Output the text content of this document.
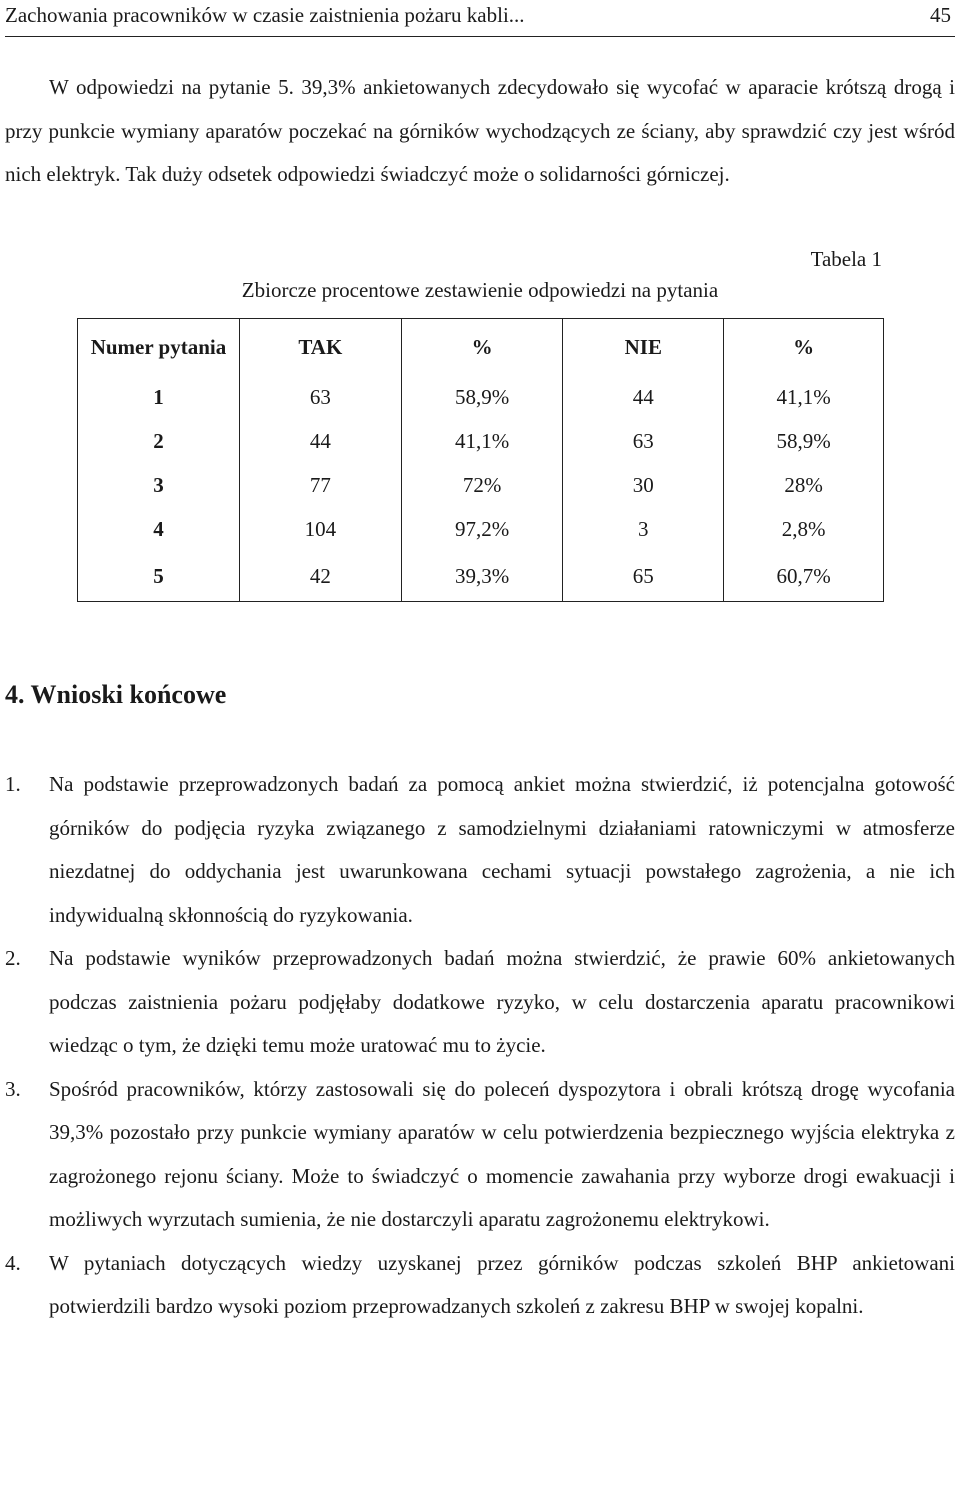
Zachowania pracowników w czasie zaistnienia pożaru kabli...	45

W odpowiedzi na pytanie 5. 39,3% ankietowanych zdecydowało się wycofać w aparacie krótszą drogą i przy punkcie wymiany aparatów poczekać na górników wychodzących ze ściany, aby sprawdzić czy jest wśród nich elektryk. Tak duży odsetek odpowiedzi świadczyć może o solidarności górniczej.

Tabela 1
Zbiorcze procentowe zestawienie odpowiedzi na pytania
Numer pytania	TAK	%	NIE	%
1	63	58,9%	44	41,1%
2	44	41,1%	63	58,9%
3	77	72%	30	28%
4	104	97,2%	3	2,8%
5	42	39,3%	65	60,7%
4. Wnioski końcowe
1. Na podstawie przeprowadzonych badań za pomocą ankiet można stwierdzić, iż potencjalna gotowość górników do podjęcia ryzyka związanego z samodzielnymi działaniami ratowniczymi w atmosferze niezdatnej do oddychania jest uwarunkowana cechami sytuacji powstałego zagrożenia, a nie ich indywidualną skłonnością do ryzykowania.
2. Na podstawie wyników przeprowadzonych badań można stwierdzić, że prawie 60% ankietowanych podczas zaistnienia pożaru podjęłaby dodatkowe ryzyko, w celu dostarczenia aparatu pracownikowi wiedząc o tym, że dzięki temu może uratować mu to życie.
3. Spośród pracowników, którzy zastosowali się do poleceń dyspozytora i obrali krótszą drogę wycofania 39,3% pozostało przy punkcie wymiany aparatów w celu potwierdzenia bezpiecznego wyjścia elektryka z zagrożonego rejonu ściany. Może to świadczyć o momencie zawahania przy wyborze drogi ewakuacji i możliwych wyrzutach sumienia, że nie dostarczyli aparatu zagrożonemu elektrykowi.
4. W pytaniach dotyczących wiedzy uzyskanej przez górników podczas szkoleń BHP ankietowani potwierdzili bardzo wysoki poziom przeprowadzanych szkoleń z zakresu BHP w swojej kopalni.
